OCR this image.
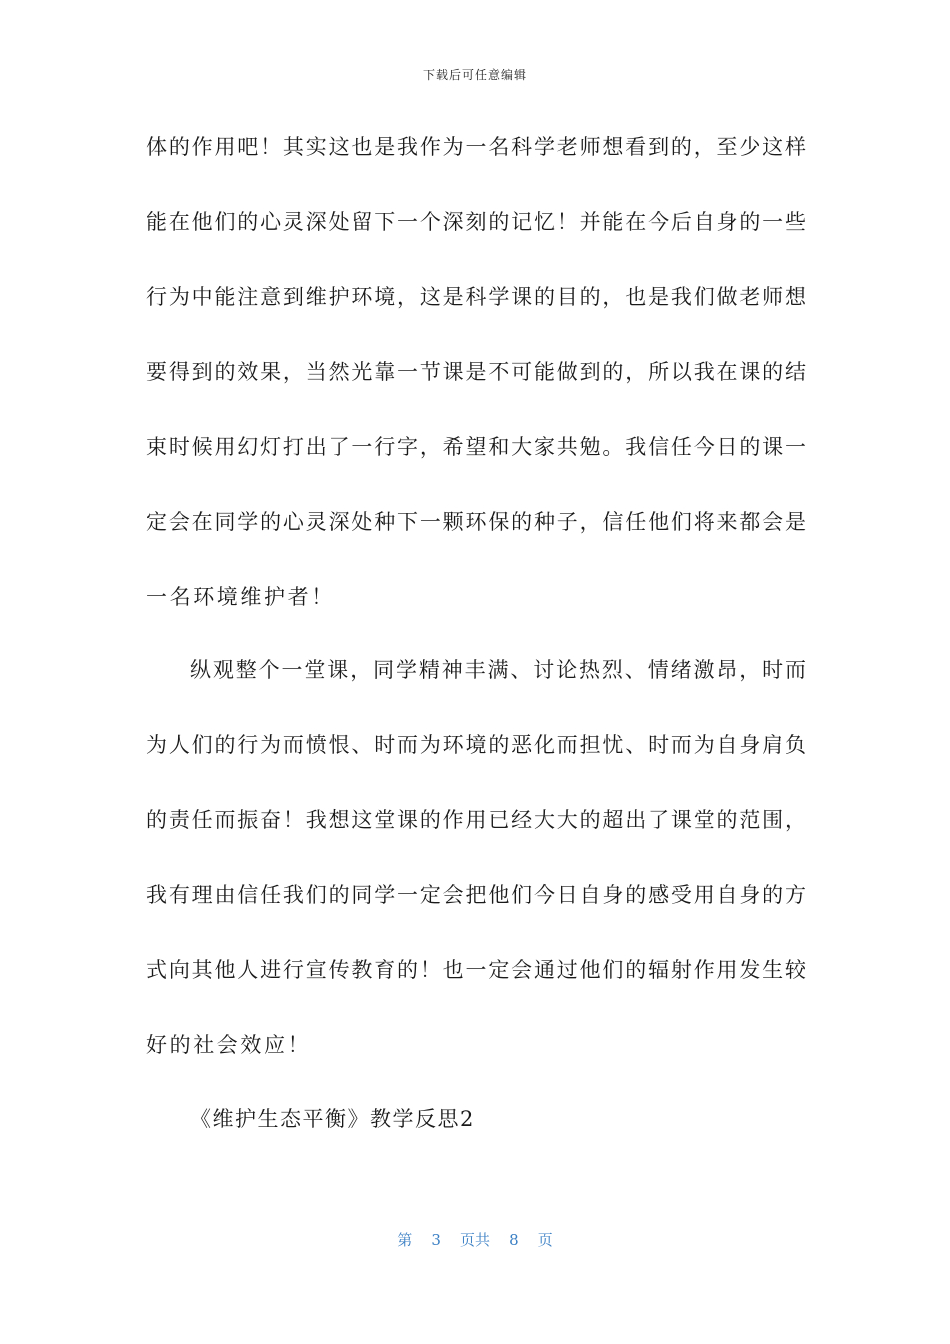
下载后可任意编辑
体的作用吧！其实这也是我作为一名科学老师想看到的，至少这样
能在他们的心灵深处留下一个深刻的记忆！并能在今后自身的一些
行为中能注意到维护环境，这是科学课的目的，也是我们做老师想
要得到的效果，当然光靠一节课是不可能做到的，所以我在课的结
束时候用幻灯打出了一行字，希望和大家共勉。我信任今日的课一
定会在同学的心灵深处种下一颗环保的种子，信任他们将来都会是
一名环境维护者！
纵观整个一堂课，同学精神丰满、讨论热烈、情绪激昂，时而
为人们的行为而愤恨、时而为环境的恶化而担忧、时而为自身肩负
的责任而振奋！我想这堂课的作用已经大大的超出了课堂的范围，
我有理由信任我们的同学一定会把他们今日自身的感受用自身的方
式向其他人进行宣传教育的！也一定会通过他们的辐射作用发生较
好的社会效应！
《维护生态平衡》教学反思2
第 3 页共 8 页
